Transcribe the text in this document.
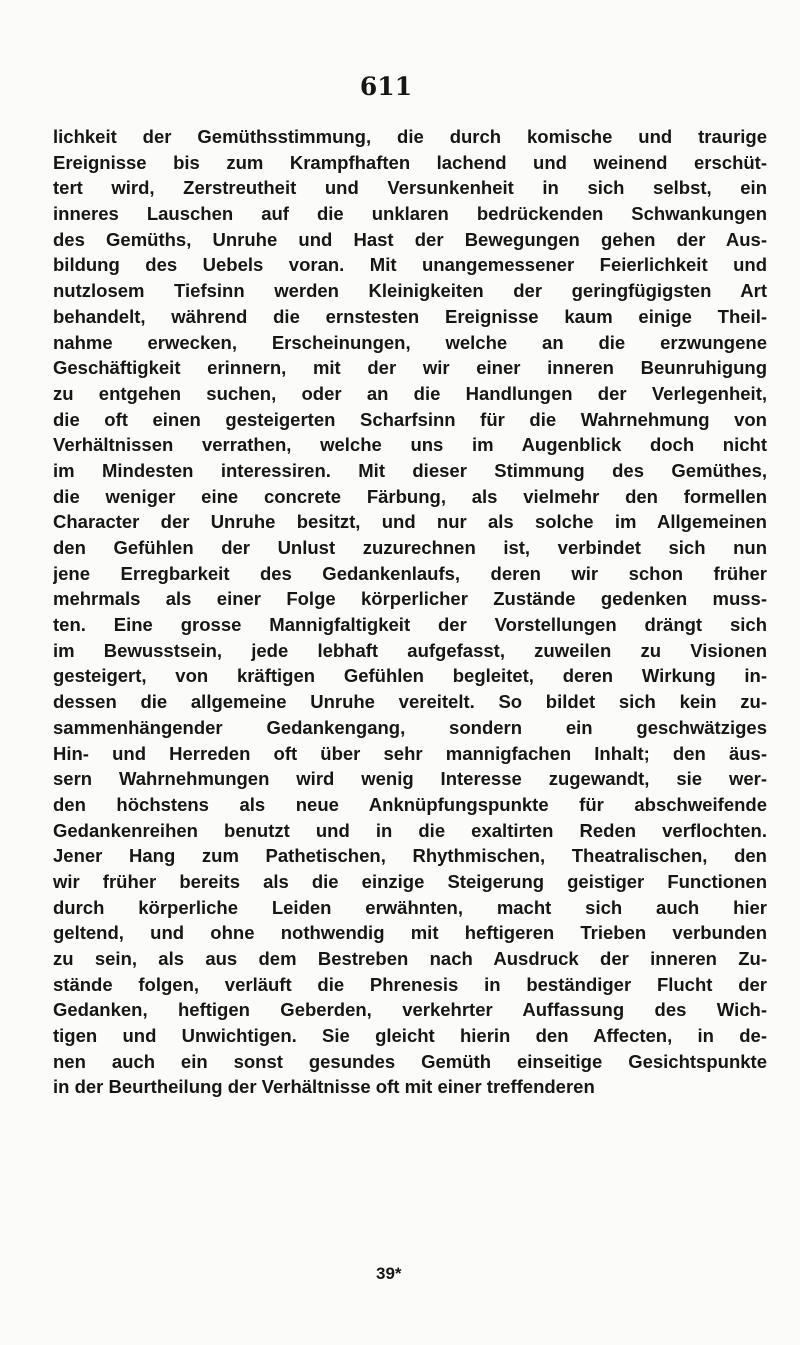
611
lichkeit der Gemüthsstimmung, die durch komische und traurige
Ereignisse bis zum Krampfhaften lachend und weinend erschüt-
tert wird, Zerstreutheit und Versunkenheit in sich selbst, ein
inneres Lauschen auf die unklaren bedrückenden Schwankungen
des Gemüths, Unruhe und Hast der Bewegungen gehen der Aus-
bildung des Uebels voran. Mit unangemessener Feierlichkeit und
nutzlosem Tiefsinn werden Kleinigkeiten der geringfügigsten Art
behandelt, während die ernstesten Ereignisse kaum einige Theil-
nahme erwecken, Erscheinungen, welche an die erzwungene
Geschäftigkeit erinnern, mit der wir einer inneren Beunruhigung
zu entgehen suchen, oder an die Handlungen der Verlegenheit,
die oft einen gesteigerten Scharfsinn für die Wahrnehmung von
Verhältnissen verrathen, welche uns im Augenblick doch nicht
im Mindesten interessiren. Mit dieser Stimmung des Gemüthes,
die weniger eine concrete Färbung, als vielmehr den formellen
Character der Unruhe besitzt, und nur als solche im Allgemeinen
den Gefühlen der Unlust zuzurechnen ist, verbindet sich nun
jene Erregbarkeit des Gedankenlaufs, deren wir schon früher
mehrmals als einer Folge körperlicher Zustände gedenken muss-
ten. Eine grosse Mannigfaltigkeit der Vorstellungen drängt sich
im Bewusstsein, jede lebhaft aufgefasst, zuweilen zu Visionen
gesteigert, von kräftigen Gefühlen begleitet, deren Wirkung in-
dessen die allgemeine Unruhe vereitelt. So bildet sich kein zu-
sammenhängender Gedankengang, sondern ein geschwätziges
Hin- und Herreden oft über sehr mannigfachen Inhalt; den äus-
sern Wahrnehmungen wird wenig Interesse zugewandt, sie wer-
den höchstens als neue Anknüpfungspunkte für abschweifende
Gedankenreihen benutzt und in die exaltirten Reden verflochten.
Jener Hang zum Pathetischen, Rhythmischen, Theatralischen, den
wir früher bereits als die einzige Steigerung geistiger Functionen
durch körperliche Leiden erwähnten, macht sich auch hier
geltend, und ohne nothwendig mit heftigeren Trieben verbunden
zu sein, als aus dem Bestreben nach Ausdruck der inneren Zu-
stände folgen, verläuft die Phrenesis in beständiger Flucht der
Gedanken, heftigen Geberden, verkehrter Auffassung des Wich-
tigen und Unwichtigen. Sie gleicht hierin den Affecten, in de-
nen auch ein sonst gesundes Gemüth einseitige Gesichtspunkte
in der Beurtheilung der Verhältnisse oft mit einer treffenderen
39*
